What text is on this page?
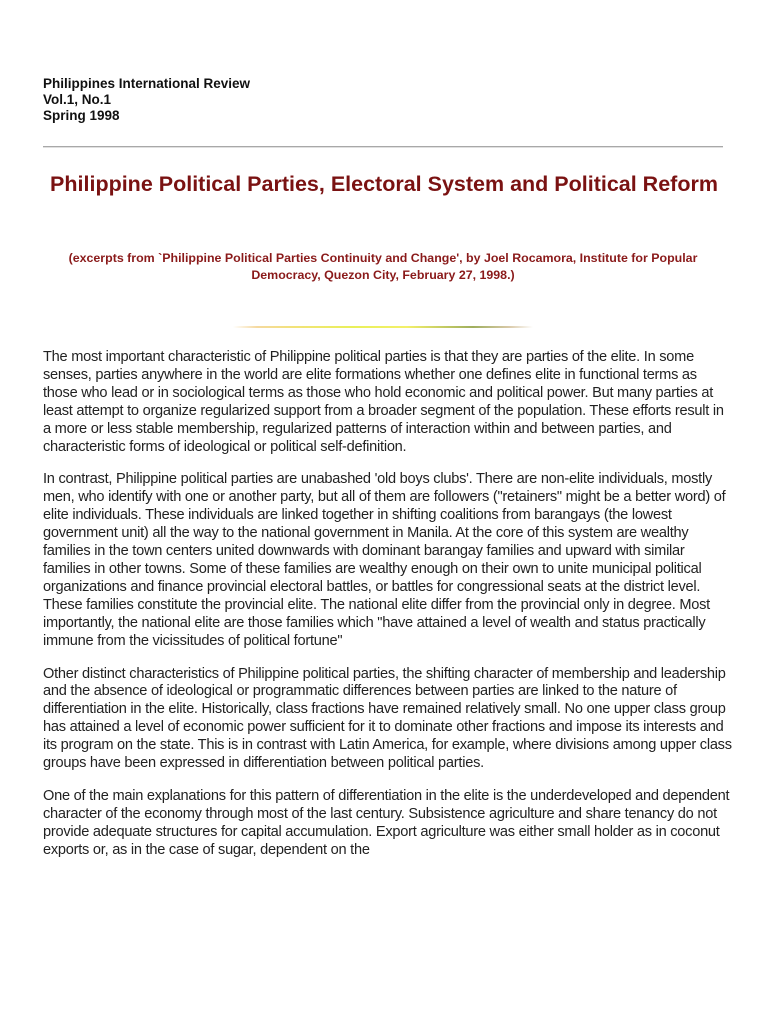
Philippines International Review
Vol.1, No.1
Spring 1998
Philippine Political Parties, Electoral System and Political Reform
(excerpts from `Philippine Political Parties Continuity and Change', by Joel Rocamora, Institute for Popular Democracy, Quezon City, February 27, 1998.)

The most important characteristic of Philippine political parties is that they are parties of the elite. In some senses, parties anywhere in the world are elite formations whether one defines elite in functional terms as those who lead or in sociological terms as those who hold economic and political power. But many parties at least attempt to organize regularized support from a broader segment of the population. These efforts result in a more or less stable membership, regularized patterns of interaction within and between parties, and characteristic forms of ideological or political self-definition.

In contrast, Philippine political parties are unabashed 'old boys clubs'. There are non-elite individuals, mostly men, who identify with one or another party, but all of them are followers ("retainers" might be a better word) of elite individuals. These individuals are linked together in shifting coalitions from barangays (the lowest government unit) all the way to the national government in Manila. At the core of this system are wealthy families in the town centers united downwards with dominant barangay families and upward with similar families in other towns. Some of these families are wealthy enough on their own to unite municipal political organizations and finance provincial electoral battles, or battles for congressional seats at the district level. These families constitute the provincial elite. The national elite differ from the provincial only in degree. Most importantly, the national elite are those families which "have attained a level of wealth and status practically immune from the vicissitudes of political fortune"

Other distinct characteristics of Philippine political parties, the shifting character of membership and leadership and the absence of ideological or programmatic differences between parties are linked to the nature of differentiation in the elite. Historically, class fractions have remained relatively small. No one upper class group has attained a level of economic power sufficient for it to dominate other fractions and impose its interests and its program on the state. This is in contrast with Latin America, for example, where divisions among upper class groups have been expressed in differentiation between political parties.

One of the main explanations for this pattern of differentiation in the elite is the underdeveloped and dependent character of the economy through most of the last century. Subsistence agriculture and share tenancy do not provide adequate structures for capital accumulation. Export agriculture was either small holder as in coconut exports or, as in the case of sugar, dependent on the
